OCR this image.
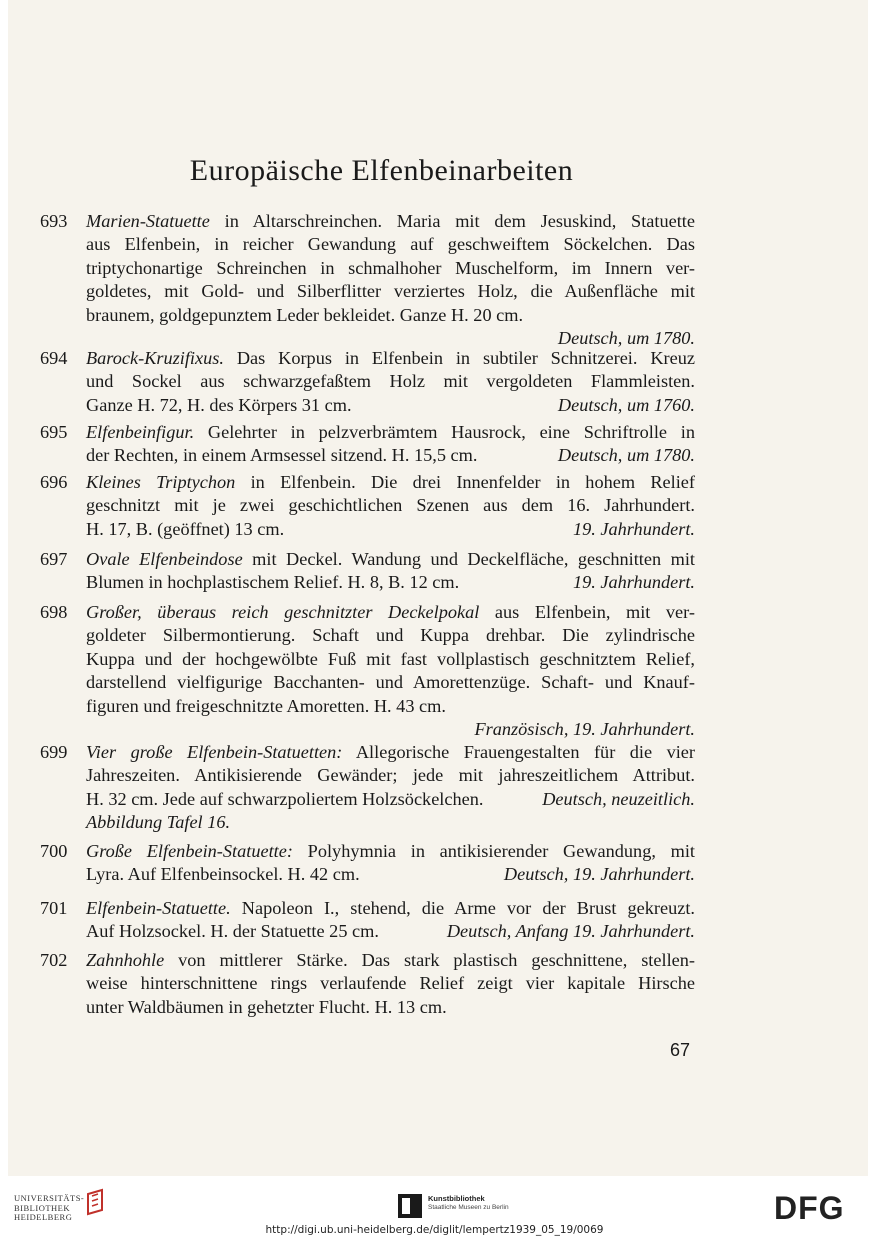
Europäische Elfenbeinarbeiten
693	Marien-Statuette in Altarschreinchen. Maria mit dem Jesuskind, Statuette
aus Elfenbein, in reicher Gewandung auf geschweiftem Söckelchen. Das
triptychonartige Schreinchen in schmalhoher Muschelform, im Innern ver-
goldetes, mit Gold- und Silberflitter verziertes Holz, die Außenfläche mit
braunem, goldgepunztem Leder bekleidet. Ganze H. 20 cm.
Deutsch, um 1780.
694	Barock-Kruzifixus. Das Korpus in Elfenbein in subtiler Schnitzerei. Kreuz
und Sockel aus schwarzgefaßtem Holz mit vergoldeten Flammleisten.
Ganze H. 72, H. des Körpers 31 cm.	Deutsch, um 1760.
695	Elfenbeinfigur. Gelehrter in pelzverbrämtem Hausrock, eine Schriftrolle in
der Rechten, in einem Armsessel sitzend. H. 15,5 cm.	Deutsch, um 1780.
696	Kleines Triptychon in Elfenbein. Die drei Innenfelder in hohem Relief
geschnitzt mit je zwei geschichtlichen Szenen aus dem 16. Jahrhundert.
H. 17, B. (geöffnet) 13 cm.	19. Jahrhundert.
697	Ovale Elfenbeindose mit Deckel. Wandung und Deckelfläche, geschnitten mit
Blumen in hochplastischem Relief. H. 8, B. 12 cm.	19. Jahrhundert.
698	Großer, überaus reich geschnitzter Deckelpokal aus Elfenbein, mit ver-
goldeter Silbermontierung. Schaft und Kuppa drehbar. Die zylindrische
Kuppa und der hochgewölbte Fuß mit fast vollplastisch geschnitztem Relief,
darstellend vielfigurige Bacchanten- und Amorettenzüge. Schaft- und Knauf-
figuren und freigeschnitzte Amoretten. H. 43 cm.
Französisch, 19. Jahrhundert.
699	Vier große Elfenbein-Statuetten: Allegorische Frauengestalten für die vier
Jahreszeiten. Antikisierende Gewänder; jede mit jahreszeitlichem Attribut.
H. 32 cm. Jede auf schwarzpoliertem Holzsöckelchen.	Deutsch, neuzeitlich.
Abbildung Tafel 16.
700	Große Elfenbein-Statuette: Polyhymnia in antikisierender Gewandung, mit
Lyra. Auf Elfenbeinsockel. H. 42 cm.	Deutsch, 19. Jahrhundert.
701	Elfenbein-Statuette. Napoleon I., stehend, die Arme vor der Brust gekreuzt.
Auf Holzsockel. H. der Statuette 25 cm.	Deutsch, Anfang 19. Jahrhundert.
702	Zahnhohle von mittlerer Stärke. Das stark plastisch geschnittene, stellen-
weise hinterschnittene rings verlaufende Relief zeigt vier kapitale Hirsche
unter Waldbäumen in gehetzter Flucht. H. 13 cm.
67
UNIVERSITÄTS-
BIBLIOTHEK
HEIDELBERG
Kunstbibliothek
Staatliche Museen zu Berlin	DFG
http://digi.ub.uni-heidelberg.de/diglit/lempertz1939_05_19/0069
